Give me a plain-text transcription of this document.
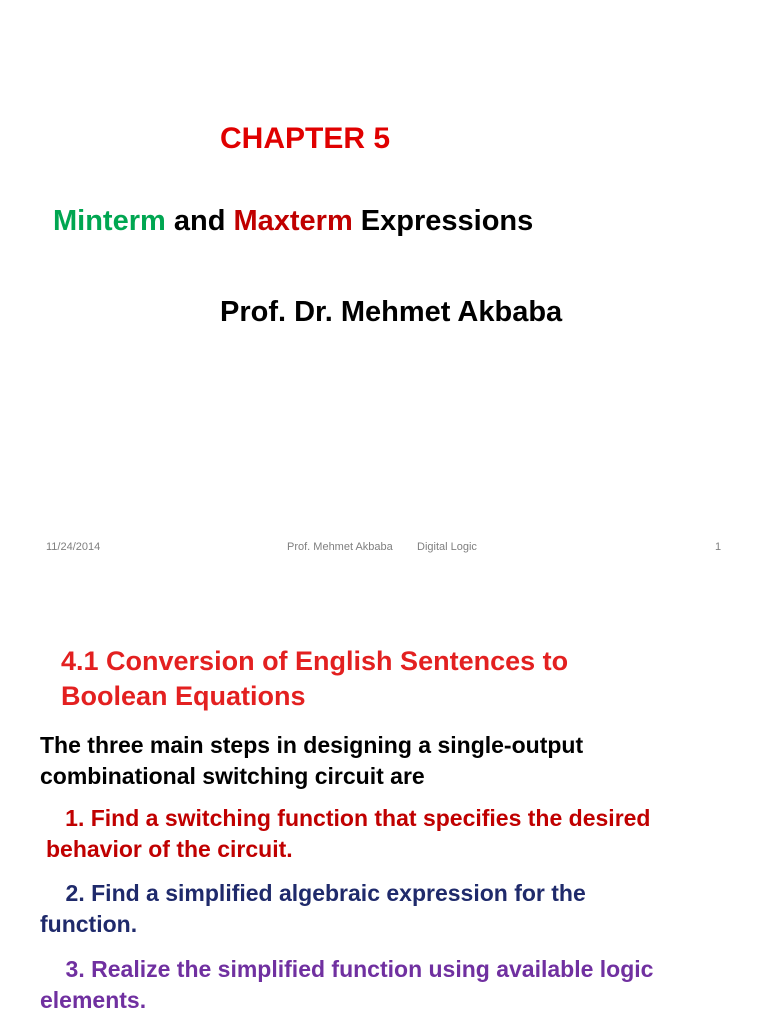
CHAPTER 5
Minterm and Maxterm Expressions
Prof. Dr. Mehmet Akbaba
11/24/2014	Prof. Mehmet Akbaba Digital Logic	1
4.1 Conversion of English Sentences to
Boolean Equations
The three main steps in designing a single-output
combinational switching circuit are
1. Find a switching function that specifies the desired
behavior of the circuit.
2. Find a simplified algebraic expression for the
function.
3. Realize the simplified function using available logic
elements.
